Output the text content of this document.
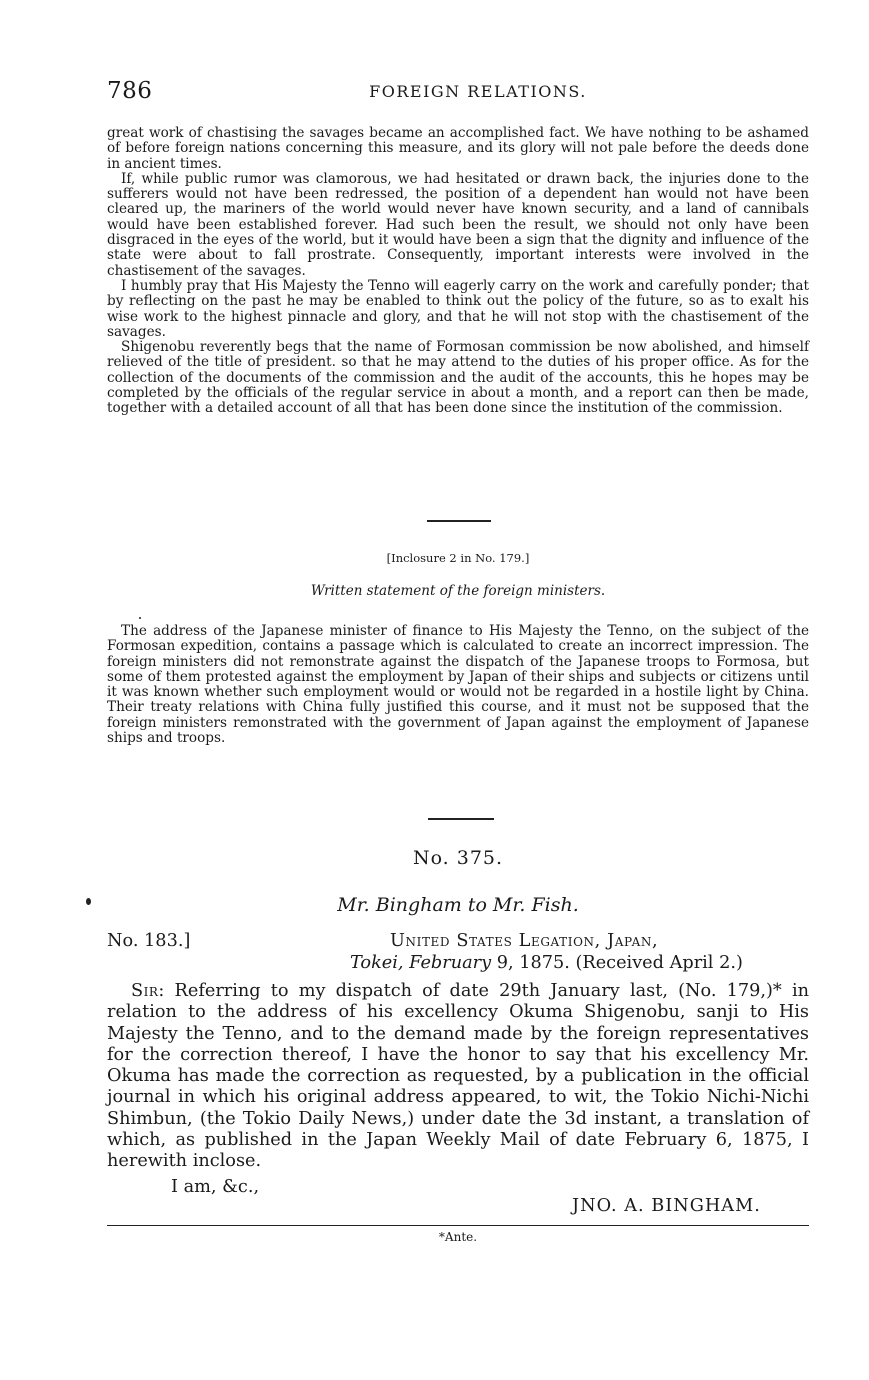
786	FOREIGN RELATIONS.

great work of chastising the savages became an accomplished fact. We have nothing to be ashamed of before foreign nations concerning this measure, and its glory will not pale before the deeds done in ancient times.

If, while public rumor was clamorous, we had hesitated or drawn back, the injuries done to the sufferers would not have been redressed, the position of a dependent han would not have been cleared up, the mariners of the world would never have known security, and a land of cannibals would have been established forever. Had such been the result, we should not only have been disgraced in the eyes of the world, but it would have been a sign that the dignity and influence of the state were about to fall prostrate. Consequently, important interests were involved in the chastisement of the savages.

I humbly pray that His Majesty the Tenno will eagerly carry on the work and carefully ponder; that by reflecting on the past he may be enabled to think out the policy of the future, so as to exalt his wise work to the highest pinnacle and glory, and that he will not stop with the chastisement of the savages.

Shigenobu reverently begs that the name of Formosan commission be now abolished, and himself relieved of the title of president. so that he may attend to the duties of his proper office. As for the collection of the documents of the commission and the audit of the accounts, this he hopes may be completed by the officials of the regular service in about a month, and a report can then be made, together with a detailed account of all that has been done since the institution of the commission.

[Inclosure 2 in No. 179.]
Written statement of the foreign ministers.

The address of the Japanese minister of finance to His Majesty the Tenno, on the subject of the Formosan expedition, contains a passage which is calculated to create an incorrect impression. The foreign ministers did not remonstrate against the dispatch of the Japanese troops to Formosa, but some of them protested against the employment by Japan of their ships and subjects or citizens until it was known whether such employment would or would not be regarded in a hostile light by China. Their treaty relations with China fully justified this course, and it must not be supposed that the foreign ministers remonstrated with the government of Japan against the employment of Japanese ships and troops.

No. 375.
Mr. Bingham to Mr. Fish.
No. 183.]	United States Legation, Japan,
Tokei, February 9, 1875. (Received April 2.)

Sir: Referring to my dispatch of date 29th January last, (No. 179,)* in relation to the address of his excellency Okuma Shigenobu, sanji to His Majesty the Tenno, and to the demand made by the foreign representatives for the correction thereof, I have the honor to say that his excellency Mr. Okuma has made the correction as requested, by a publication in the official journal in which his original address appeared, to wit, the Tokio Nichi-Nichi Shimbun, (the Tokio Daily News,) under date the 3d instant, a translation of which, as published in the Japan Weekly Mail of date February 6, 1875, I herewith inclose.

I am, &c.,
JNO. A. BINGHAM.
*Ante.
